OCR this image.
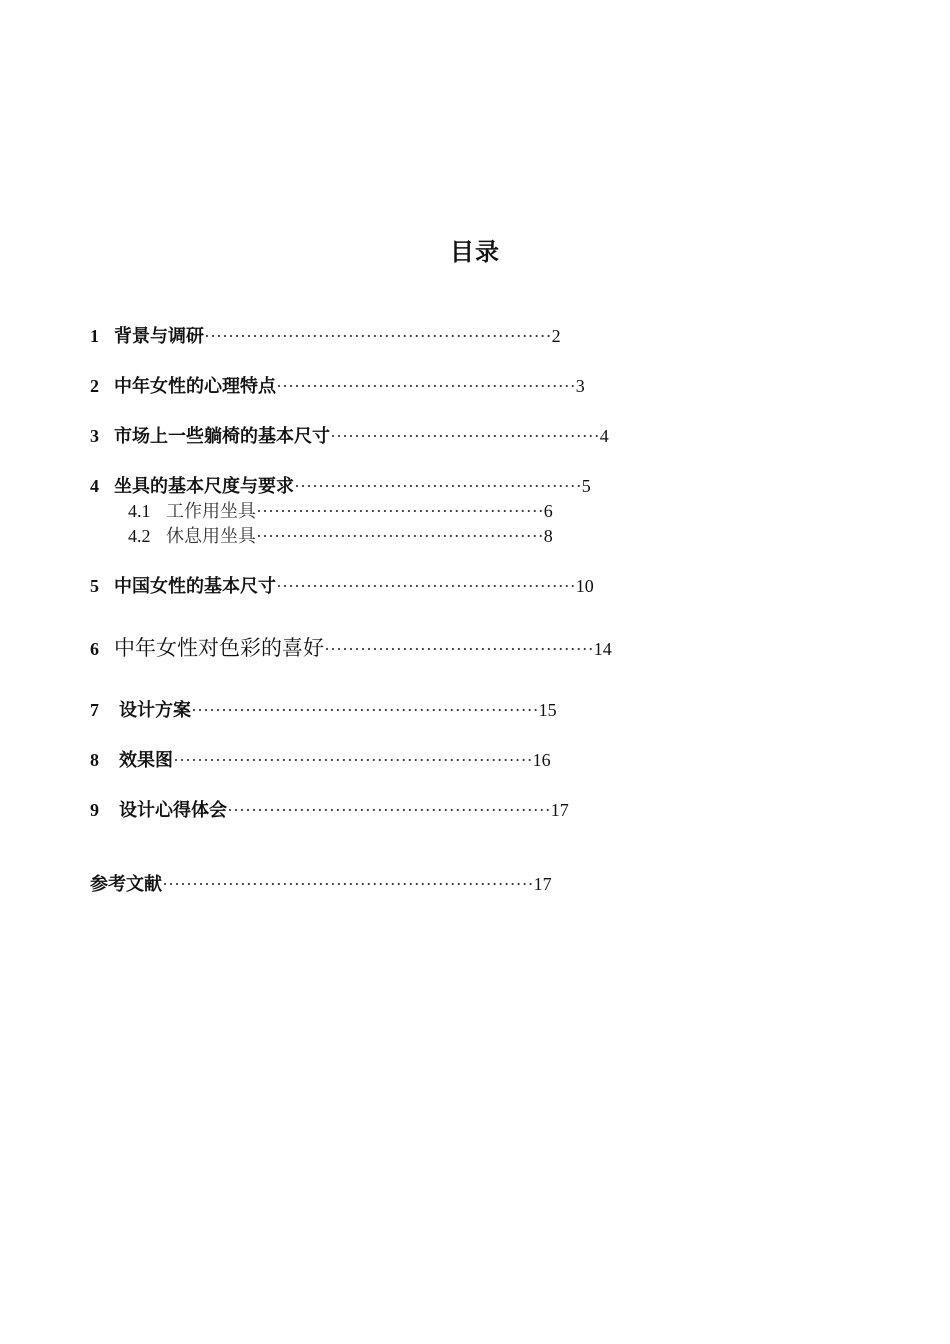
目录
1 背景与调研··························································2
2 中年女性的心理特点··················································3
3 市场上一些躺椅的基本尺寸·············································4
4 坐具的基本尺度与要求················································5
4.1 工作用坐具················································6
4.2 休息用坐具················································8
5 中国女性的基本尺寸··················································10
6 中年女性对色彩的喜好·············································14
7 设计方案··························································15
8 效果图····························································16
9 设计心得体会······················································17
参考文献······························································17
